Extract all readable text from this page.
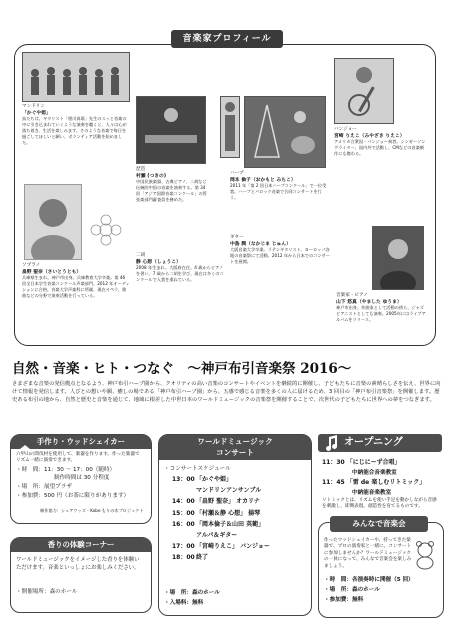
音楽家プロフィール
マンドリン
「かぐや姫」
鳥たちは、ギタリスト「相川真耶」先生のスッと音楽の中に引き込まれていくような演奏を聴くと、人々は心が落ち着き、生活を楽しみます。そのような音楽で毎日を過ごしてほしいと願い、ボランティア活動を始めました。
ソプラノ
畠野 聖奈（さいとうとも）
兵庫県生まれ。神戸市出身。兵庫教育大学卒業。第 46 回全日本学生音楽コンクール声楽部門、2012 年オーディションに合格。音楽大学声楽科に所属、現在オペラ、歌曲などの分野で演奏活動を行っている。
琵琶
村瀬 (つきの)
中国民族楽器、古典ピアノ、二胡など伝統的中国の音楽を演奏する。第 34 回「アジア国際音楽コンクール」の管弦楽部門審査員を務めた。
二胡
静 心想（しょうこ）
2008 年生まれ。大阪府在住。4 歳からピアノを習い、7 歳から二胡を学び、現在は多くのコンクールで入賞を重ねている。
ハープ
岡本 倫子（おかもと みちこ）
2011 年「第 2 回日本ハープコンクール」で一位受賞。ハープとバロック音楽で合同コンサートを行う。
ギター
中島 潤（なかじま じゅん）
大阪音楽大学卒業。ラテンギタリスト、ヨーロッパ各地の音楽祭にて活動。2012 年から日本でのコンサートを展開。
バンジョー
宮崎 りえこ（みやざき りえこ）
アメリカ合衆国・バンジョー奏者。シンガーソングライター。国内外で活動し、CMなどの音楽制作にも携わる。
音楽家・ピアノ
山下 悠真（やました ゆうま）
神戸市出身。作曲家として活動の傍ら、ジャズピアニストとしても演奏。2005年にはライブアルバムをリリース。
自然・音楽・ヒト・つなぐ　～神戸布引音楽祭 2016～
さまざまな音楽の発信拠点となるよう、神戸布引ハーブ園から、クオリティの高い音楽のコンサートやイベントを継続的に開催し、子どもたちに音楽の素晴らしさを伝え、世界に向けて情報を発信します。人びとの想いや願、癒しの場である「神戸布引ハーブ園」から、五感で感じる音楽を多くの人に届けるため、3 回目の「神戸布引音楽祭」を開催します。歴史ある布引の地から、自然と歴史と音楽を通じて、地域に根差した中世日本のワールドミュージックの音楽祭を開催することで、次世代の子どもたちに世界への夢をつなぎます。
手作り・ウッドシェイカー
六甲山の間伐材を使用して、楽器を作ります。作った楽器でリズム一緒に演奏できます。
・時　間：11：30 ～ 17：00（随時）
制作時間は 30 分程度
・場　所：展望プラザ
・参加費：500 円（お茶に限りがあります）
制作協力：シェアウッズ・Kobe もりの木プロジェクト
香りの体験コーナー
ワールドミュージックをイメージした香りを体験いただけます。音楽といっしょにお楽しみください。
・開催場所：森のホール
ワールドミュージック
コンサート
・コンサートスケジュール
13：00「かぐや姫」
マンドリンアンサンブル
14：00「畠野 聖奈」 オカリナ
15：00「村瀬＆静 心想」 揚琴
16：00「岡本倫子＆山田 英範」
アルパ＆ギター
17：00「宮崎りえこ」 バンジョー
18：00終了
・場　所：森のホール
・入場料：無料
オープニング
11：30 「にじにーず合唱」
中納能合音楽教室
11：45 「雷 de 楽しむリトミック」
中納能音楽教室
リトミックとは、リズムを使い手足を動かしながら音感を刺激し、即興表現、創造性を育てるものです。
みんなで音楽会
作ったウッドシェイカーや、持ってきた楽器で、プロの演奏家と一緒に、コンサートに参加しませんか？ワールドミュージックの一員になって、みんなで音楽会を楽しみましょう。
・時　間：各演奏時に開催（5 回）
・場　所：森のホール
・参加費：無料
